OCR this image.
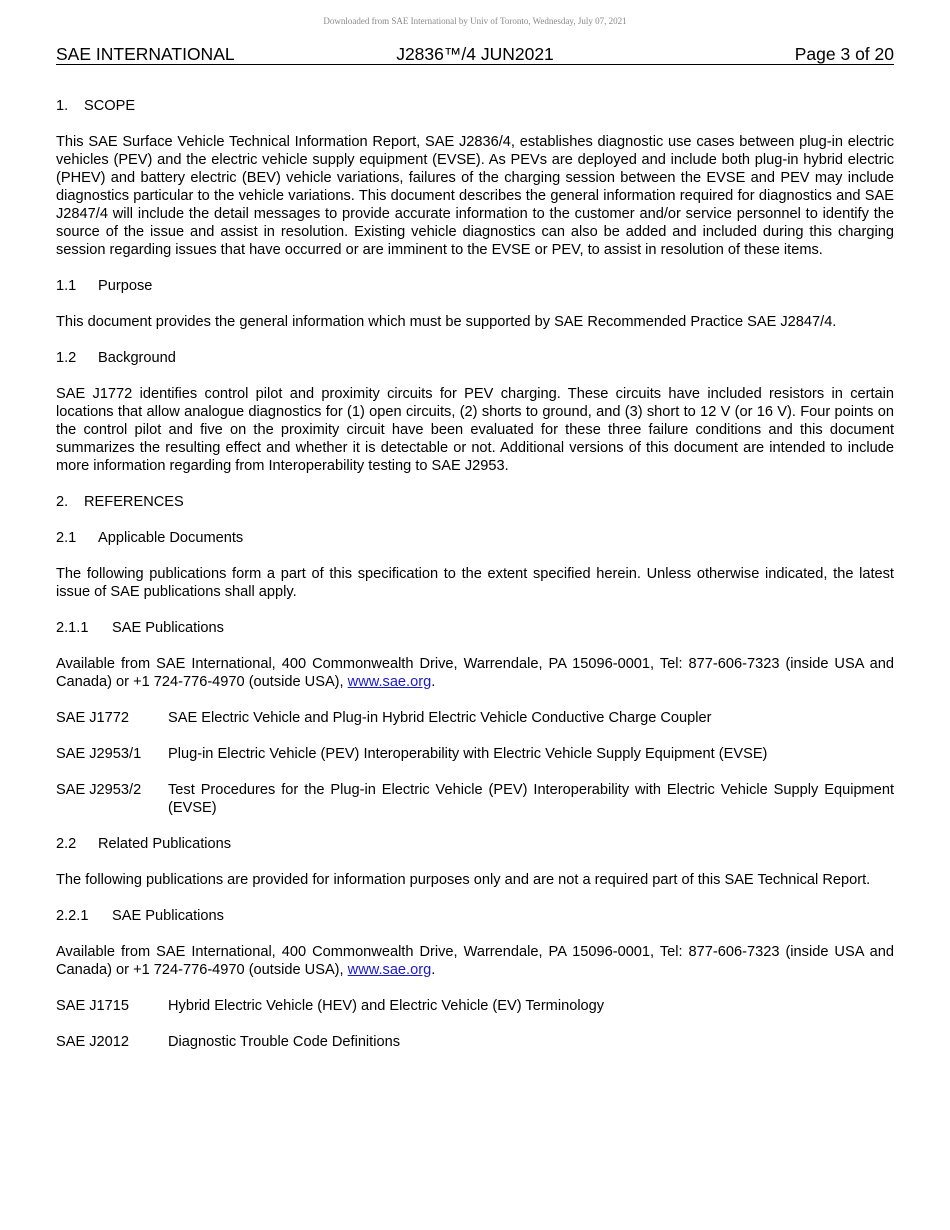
Downloaded from SAE International by Univ of Toronto, Wednesday, July 07, 2021
SAE INTERNATIONAL	J2836™/4 JUN2021	Page 3 of 20

1.	SCOPE

This SAE Surface Vehicle Technical Information Report, SAE J2836/4, establishes diagnostic use cases between plug-in electric vehicles (PEV) and the electric vehicle supply equipment (EVSE). As PEVs are deployed and include both plug-in hybrid electric (PHEV) and battery electric (BEV) vehicle variations, failures of the charging session between the EVSE and PEV may include diagnostics particular to the vehicle variations. This document describes the general information required for diagnostics and SAE J2847/4 will include the detail messages to provide accurate information to the customer and/or service personnel to identify the source of the issue and assist in resolution. Existing vehicle diagnostics can also be added and included during this charging session regarding issues that have occurred or are imminent to the EVSE or PEV, to assist in resolution of these items.

1.1	Purpose

This document provides the general information which must be supported by SAE Recommended Practice SAE J2847/4.

1.2	Background

SAE J1772 identifies control pilot and proximity circuits for PEV charging. These circuits have included resistors in certain locations that allow analogue diagnostics for (1) open circuits, (2) shorts to ground, and (3) short to 12 V (or 16 V). Four points on the control pilot and five on the proximity circuit have been evaluated for these three failure conditions and this document summarizes the resulting effect and whether it is detectable or not. Additional versions of this document are intended to include more information regarding from Interoperability testing to SAE J2953.

2.	REFERENCES

2.1	Applicable Documents

The following publications form a part of this specification to the extent specified herein. Unless otherwise indicated, the latest issue of SAE publications shall apply.

2.1.1	SAE Publications

Available from SAE International, 400 Commonwealth Drive, Warrendale, PA 15096-0001, Tel: 877-606-7323 (inside USA and Canada) or +1 724-776-4970 (outside USA), www.sae.org.

SAE J1772	SAE Electric Vehicle and Plug-in Hybrid Electric Vehicle Conductive Charge Coupler
SAE J2953/1	Plug-in Electric Vehicle (PEV) Interoperability with Electric Vehicle Supply Equipment (EVSE)
SAE J2953/2	Test Procedures for the Plug-in Electric Vehicle (PEV) Interoperability with Electric Vehicle Supply Equipment (EVSE)

2.2	Related Publications

The following publications are provided for information purposes only and are not a required part of this SAE Technical Report.

2.2.1	SAE Publications

Available from SAE International, 400 Commonwealth Drive, Warrendale, PA 15096-0001, Tel: 877-606-7323 (inside USA and Canada) or +1 724-776-4970 (outside USA), www.sae.org.

SAE J1715	Hybrid Electric Vehicle (HEV) and Electric Vehicle (EV) Terminology
SAE J2012	Diagnostic Trouble Code Definitions
